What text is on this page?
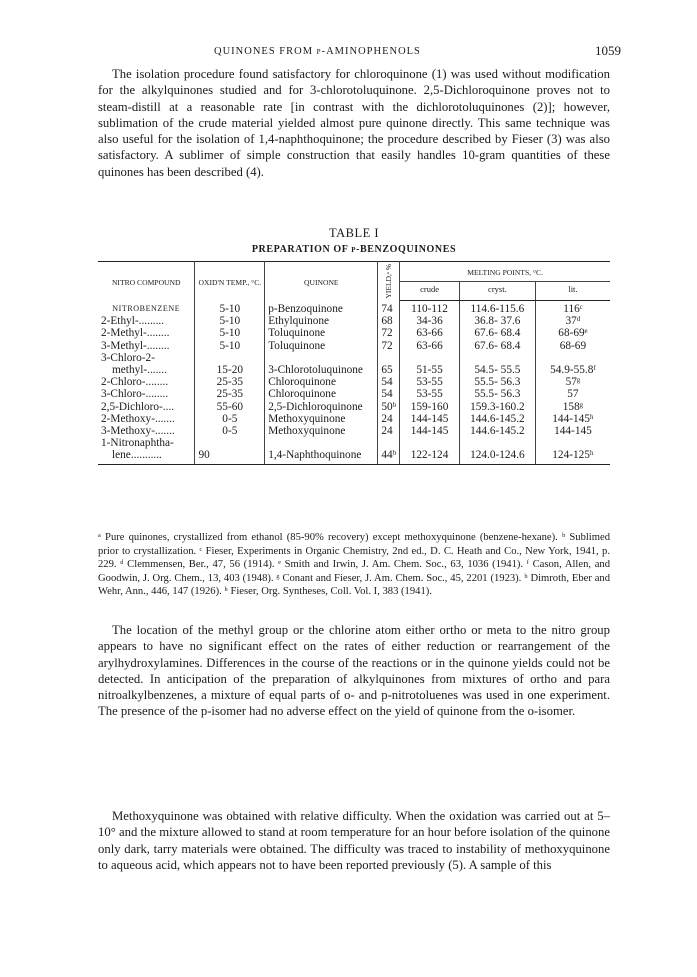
QUINONES FROM p-AMINOPHENOLS	1059

The isolation procedure found satisfactory for chloroquinone (1) was used without modification for the alkylquinones studied and for 3-chlorotoluquinone. 2,5-Dichloroquinone proves not to steam-distill at a reasonable rate [in contrast with the dichlorotoluquinones (2)]; however, sublimation of the crude material yielded almost pure quinone directly. This same technique was also useful for the isolation of 1,4-naphthoquinone; the procedure described by Fieser (3) was also satisfactory. A sublimer of simple construction that easily handles 10-gram quantities of these quinones has been described (4).

TABLE I
PREPARATION OF p-BENZOQUINONES
NITRO COMPOUND	OXID'N TEMP., °C.	QUINONE	YIELD,ᵃ %	MELTING POINTS, °C.		
				crude	cryst.	lit.
NITROBENZENE	5-10	p-Benzoquinone	74	110-112	114.6-115.6	116ᶜ
2-Ethyl-.........	5-10	Ethylquinone	68	34-36	36.8- 37.6	37ᵈ
2-Methyl-........	5-10	Toluquinone	72	63-66	67.6- 68.4	68-69ᵉ
3-Methyl-........	5-10	Toluquinone	72	63-66	67.6- 68.4	68-69
3-Chloro-2-						
methyl-.......	15-20	3-Chlorotoluquinone	65	51-55	54.5- 55.5	54.9-55.8ᶠ
2-Chloro-........	25-35	Chloroquinone	54	53-55	55.5- 56.3	57ᵍ
3-Chloro-........	25-35	Chloroquinone	54	53-55	55.5- 56.3	57
2,5-Dichloro-....	55-60	2,5-Dichloroquinone	50ᵇ	159-160	159.3-160.2	158ᵍ
2-Methoxy-.......	0-5	Methoxyquinone	24	144-145	144.6-145.2	144-145ʰ
3-Methoxy-.......	0-5	Methoxyquinone	24	144-145	144.6-145.2	144-145
1-Nitronaphtha-						
lene...........	90	1,4-Naphthoquinone	44ᵇ	122-124	124.0-124.6	124-125ʰ

ᵃ Pure quinones, crystallized from ethanol (85-90% recovery) except methoxyquinone (benzene-hexane). ᵇ Sublimed prior to crystallization. ᶜ Fieser, Experiments in Organic Chemistry, 2nd ed., D. C. Heath and Co., New York, 1941, p. 229. ᵈ Clemmensen, Ber., 47, 56 (1914). ᵉ Smith and Irwin, J. Am. Chem. Soc., 63, 1036 (1941). ᶠ Cason, Allen, and Goodwin, J. Org. Chem., 13, 403 (1948). ᵍ Conant and Fieser, J. Am. Chem. Soc., 45, 2201 (1923). ʰ Dimroth, Eber and Wehr, Ann., 446, 147 (1926). ʰ Fieser, Org. Syntheses, Coll. Vol. I, 383 (1941).

The location of the methyl group or the chlorine atom either ortho or meta to the nitro group appears to have no significant effect on the rates of either reduction or rearrangement of the arylhydroxylamines. Differences in the course of the reactions or in the quinone yields could not be detected. In anticipation of the preparation of alkylquinones from mixtures of ortho and para nitroalkylbenzenes, a mixture of equal parts of o- and p-nitrotoluenes was used in one experiment. The presence of the p-isomer had no adverse effect on the yield of quinone from the o-isomer.

Methoxyquinone was obtained with relative difficulty. When the oxidation was carried out at 5–10° and the mixture allowed to stand at room temperature for an hour before isolation of the quinone only dark, tarry materials were obtained. The difficulty was traced to instability of methoxyquinone to aqueous acid, which appears not to have been reported previously (5). A sample of this
